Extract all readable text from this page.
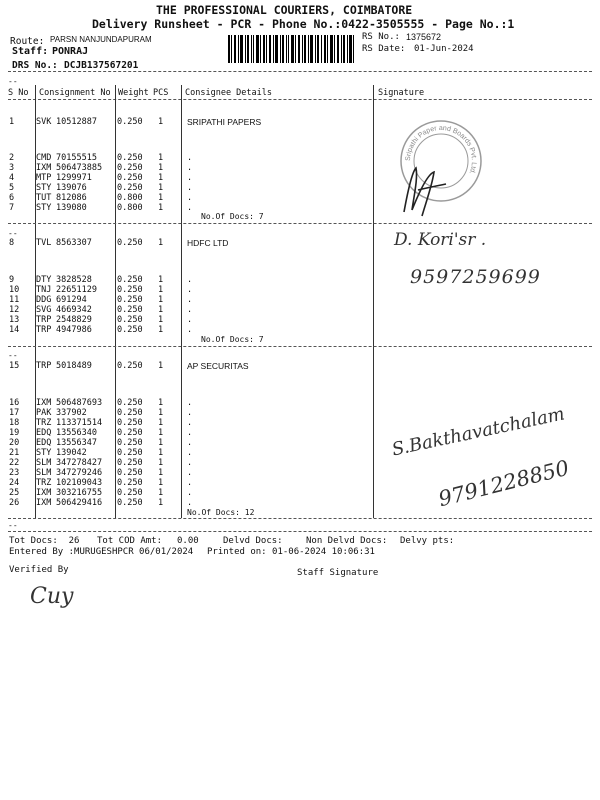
THE PROFESSIONAL COURIERS, COIMBATORE
Delivery Runsheet - PCR - Phone No.:0422-3505555 - Page No.:1
Route: PARSN NANJUNDAPURAM
Staff: PONRAJ
DRS No.: DCJB137567201
RS No.: 1375672
RS Date: 01-Jun-2024
--
S No Consignment No Weight PCS Consignee Details	Signature
1	SVK 10512887 0.250 1	SRIPATHI PAPERS
2	CMD 70155515 0.250 1	.
3	IXM 506473885 0.250 1	.
4	MTP 1299971	0.250 1	.
5	STY 139076	0.250 1	.
6	TUT 812086	0.800 1	.
7	STY 139080	0.800 1	.
No.Of Docs: 7
--
8	TVL 8563307	0.250 1	HDFC LTD
9	DTY 3828528	0.250 1	.
10 TNJ 22651129 0.250 1	.
11 DDG 691294	0.250 1	.
12 SVG 4669342	0.250 1	.
13 TRP 2548829	0.250 1	.
14 TRP 4947986	0.250 1	.
No.Of Docs: 7
--
15 TRP 5018489	0.250 1	AP SECURITAS
16 IXM 506487693 0.250 1	.
17 PAK 337902	0.250 1	.
18 TRZ 113371514 0.250 1	.
19 EDQ 13556340 0.250 1	.
20 EDQ 13556347 0.250 1	.
21 STY 139042	0.250 1	.
22 SLM 347278427 0.250 1	.
23 SLM 347279246 0.250 1	.
24 TRZ 102109043 0.250 1	.
25 IXM 303216755 0.250 1	.
26 IXM 506429416 0.250 1	.
No.Of Docs: 12
--
Tot Docs:  26 Tot COD Amt: 0.00	Delvd Docs:	Non Delvd Docs: Delvy pts:
Entered By :MURUGESHPCR 06/01/2024 Printed on: 01-06-2024 10:06:31
Verified By	Staff Signature
Sripathi Paper and Boards Pvt. Ltd.
D. Kori'sr .
9597259699
S.Bakthavatchalam
9791228850
Cuy
